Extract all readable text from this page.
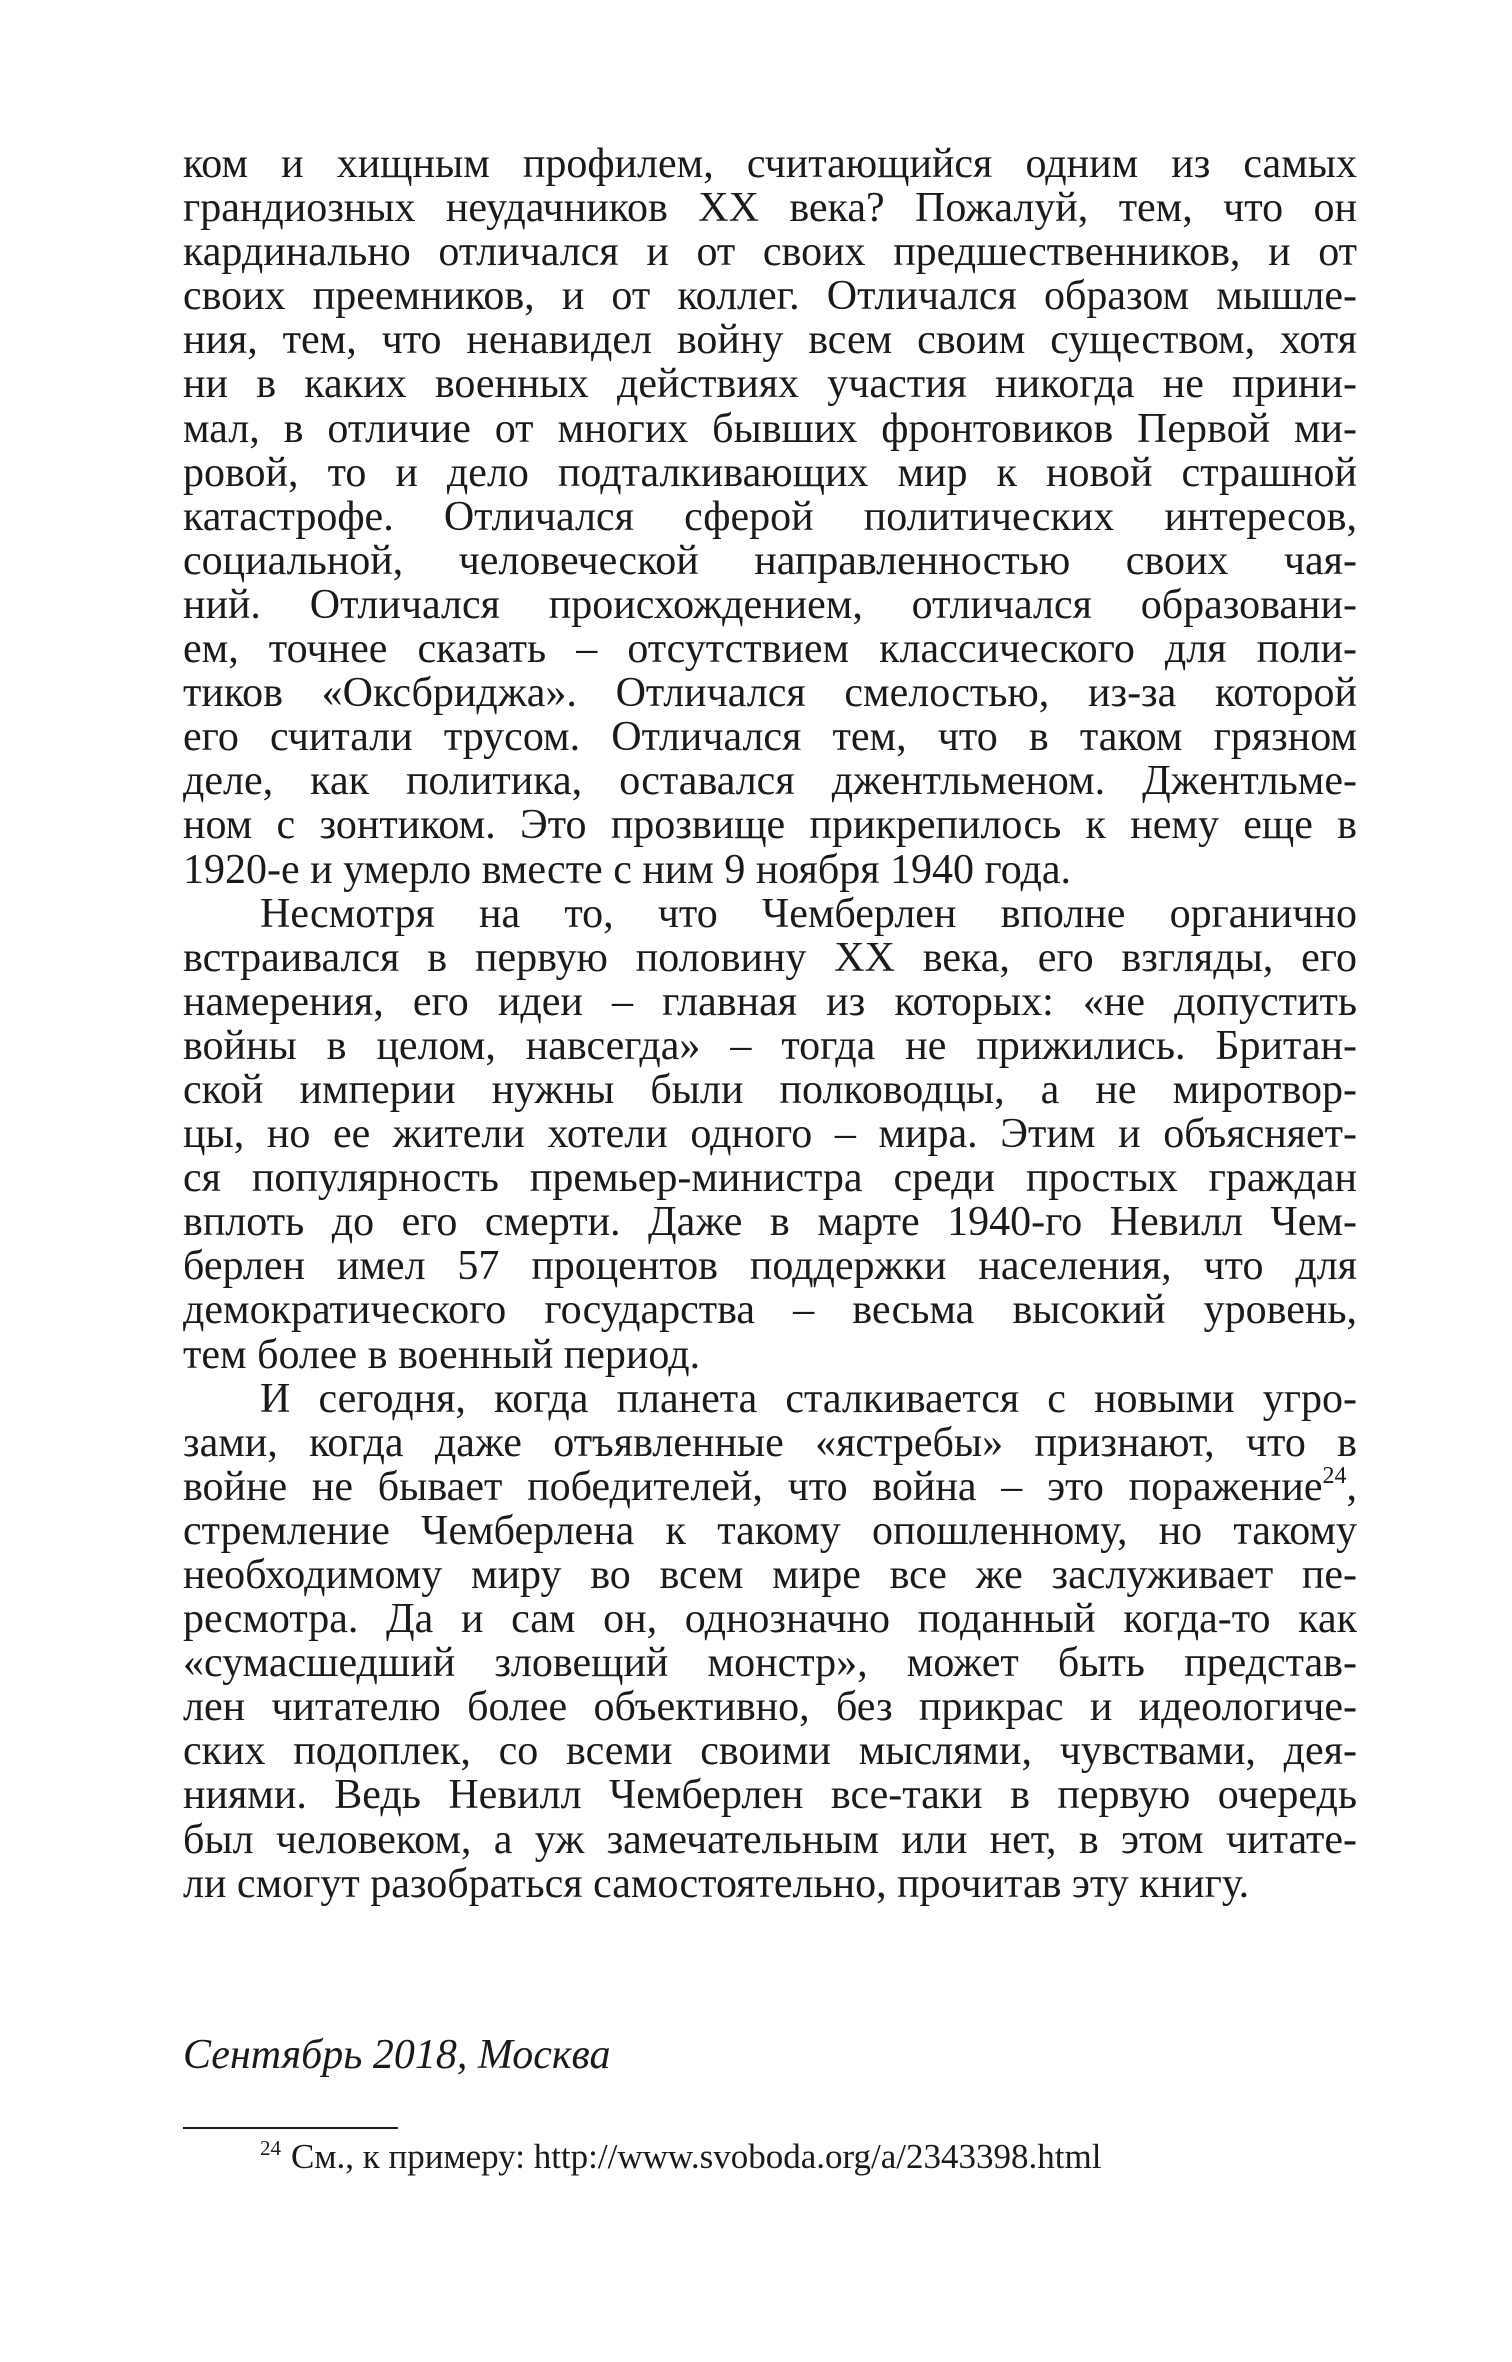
ком и хищным профилем, считающийся одним из самых
грандиозных неудачников ХХ века? Пожалуй, тем, что он
кардинально отличался и от своих предшественников, и от
своих преемников, и от коллег. Отличался образом мышле-
ния, тем, что ненавидел войну всем своим существом, хотя
ни в каких военных действиях участия никогда не прини-
мал, в отличие от многих бывших фронтовиков Первой ми-
ровой, то и дело подталкивающих мир к новой страшной
катастрофе. Отличался сферой политических интересов,
социальной, человеческой направленностью своих чая-
ний. Отличался происхождением, отличался образовани-
ем, точнее сказать – отсутствием классического для поли-
тиков «Оксбриджа». Отличался смелостью, из-за которой
его считали трусом. Отличался тем, что в таком грязном
деле, как политика, оставался джентльменом. Джентльме-
ном с зонтиком. Это прозвище прикрепилось к нему еще в
1920-е и умерло вместе с ним 9 ноября 1940 года.
Несмотря на то, что Чемберлен вполне органично
встраивался в первую половину ХХ века, его взгляды, его
намерения, его идеи – главная из которых: «не допустить
войны в целом, навсегда» – тогда не прижились. Британ-
ской империи нужны были полководцы, а не миротвор-
цы, но ее жители хотели одного – мира. Этим и объясняет-
ся популярность премьер-министра среди простых граждан
вплоть до его смерти. Даже в марте 1940-го Невилл Чем-
берлен имел 57 процентов поддержки населения, что для
демократического государства – весьма высокий уровень,
тем более в военный период.
И сегодня, когда планета сталкивается с новыми угро-
зами, когда даже отъявленные «ястребы» признают, что в
войне не бывает победителей, что война – это поражение$^{24}$,
стремление Чемберлена к такому опошленному, но такому
необходимому миру во всем мире все же заслуживает пе-
ресмотра. Да и сам он, однозначно поданный когда-то как
«сумасшедший зловещий монстр», может быть представ-
лен читателю более объективно, без прикрас и идеологиче-
ских подоплек, со всеми своими мыслями, чувствами, дея-
ниями. Ведь Невилл Чемберлен все-таки в первую очередь
был человеком, а уж замечательным или нет, в этом читате-
ли смогут разобраться самостоятельно, прочитав эту книгу.
Сентябрь 2018, Москва
$^{24}$ См., к примеру: http://www.svoboda.org/a/2343398.html
